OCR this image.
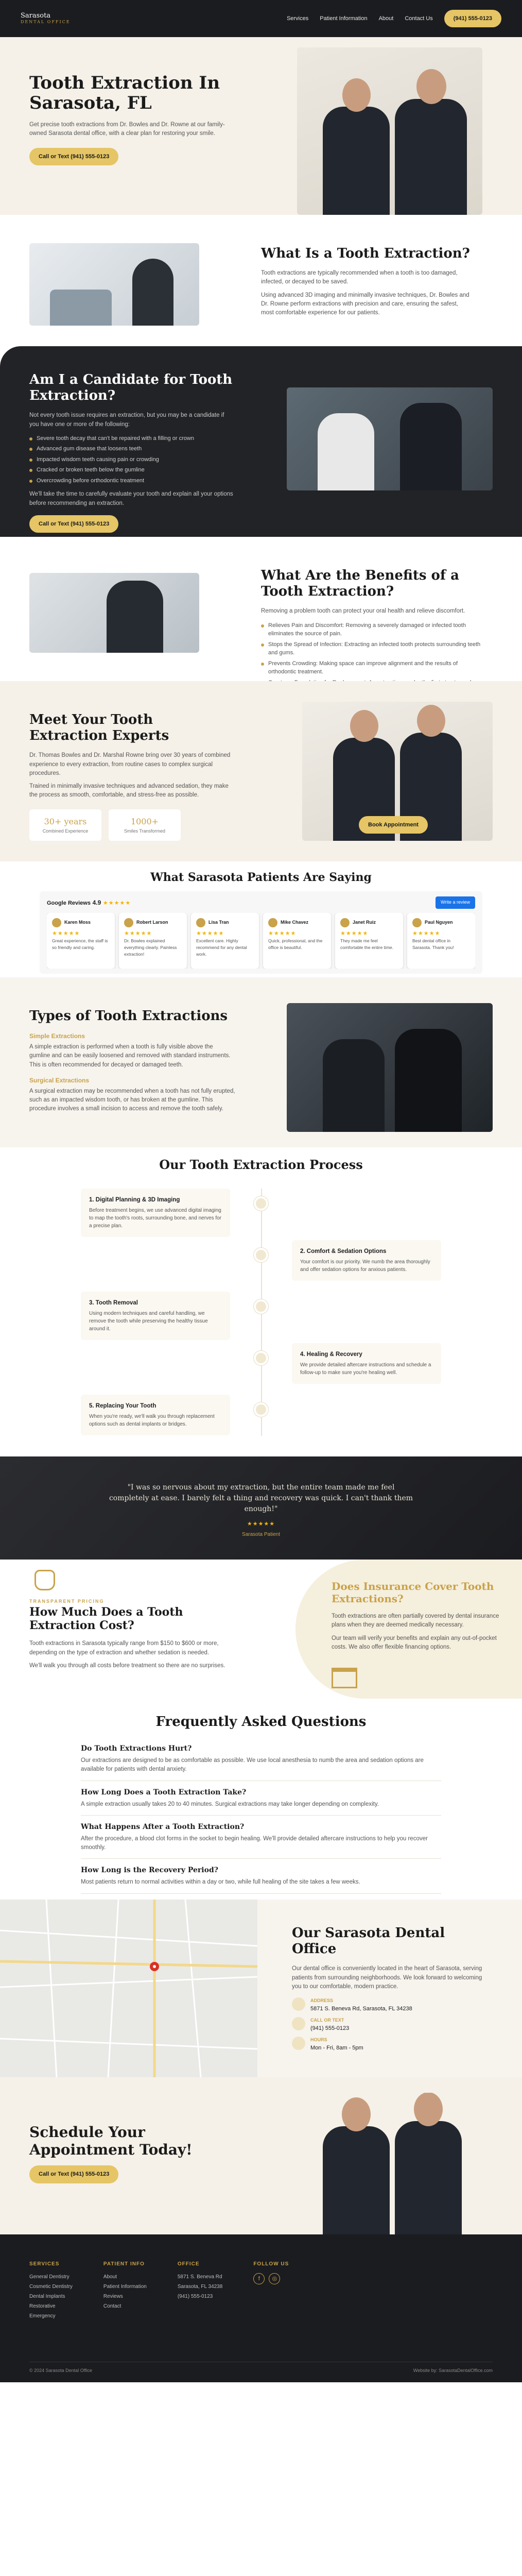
Sarasota
DENTAL OFFICE
Services Patient Information About Contact Us	(941) 555-0123
Tooth Extraction In Sarasota, FL

Get precise tooth extractions from Dr. Bowles and Dr. Rowne at our family-owned Sarasota dental office, with a clear plan for restoring your smile.

Call or Text (941) 555-0123
What Is a Tooth Extraction?

Tooth extractions are typically recommended when a tooth is too damaged, infected, or decayed to be saved.

Using advanced 3D imaging and minimally invasive techniques, Dr. Bowles and Dr. Rowne perform extractions with precision and care, ensuring the safest, most comfortable experience for our patients.

Am I a Candidate for Tooth Extraction?

Not every tooth issue requires an extraction, but you may be a candidate if you have one or more of the following:

Severe tooth decay that can't be repaired with a filling or crown
Advanced gum disease that loosens teeth
Impacted wisdom teeth causing pain or crowding
Cracked or broken teeth below the gumline
Overcrowding before orthodontic treatment

We'll take the time to carefully evaluate your tooth and explain all your options before recommending an extraction.

Call or Text (941) 555-0123
What Are the Benefits of a Tooth Extraction?

Removing a problem tooth can protect your oral health and relieve discomfort.

Relieves Pain and Discomfort: Removing a severely damaged or infected tooth eliminates the source of pain.
Stops the Spread of Infection: Extracting an infected tooth protects surrounding teeth and gums.
Prevents Crowding: Making space can improve alignment and the results of orthodontic treatment.
Meet Your Tooth Extraction Experts

Dr. Thomas Bowles and Dr. Marshal Rowne bring over 30 years of combined experience to every extraction, from routine cases to complex surgical procedures.

Trained in minimally invasive techniques and advanced sedation, they make the process as smooth, comfortable, and stress-free as possible.

30+ years
Combined Experience
1000+
Smiles Transformed
Book Appointment
What Sarasota Patients Are Saying
Google Reviews 4.9 ★★★★★	Write a review
Karen Moss
★★★★★
Great experience, the staff is so friendly and caring.
Robert Larson
★★★★★
Dr. Bowles explained everything clearly. Painless extraction!
Lisa Tran
★★★★★
Excellent care. Highly recommend for any dental work.
Mike Chavez
★★★★★
Quick, professional, and the office is beautiful.
Janet Ruiz
★★★★★
They made me feel comfortable the entire time.
Paul Nguyen
★★★★★
Best dental office in Sarasota. Thank you!
Types of Tooth Extractions
Simple Extractions

A simple extraction is performed when a tooth is fully visible above the gumline and can be easily loosened and removed with standard instruments. This is often recommended for decayed or damaged teeth.

Surgical Extractions

A surgical extraction may be recommended when a tooth has not fully erupted, such as an impacted wisdom tooth, or has broken at the gumline. This procedure involves a small incision to access and remove the tooth safely.

Our Tooth Extraction Process
1. Digital Planning & 3D Imaging

Before treatment begins, we use advanced digital imaging to map the tooth's roots, surrounding bone, and nerves for a precise plan.

2. Comfort & Sedation Options

Your comfort is our priority. We numb the area thoroughly and offer sedation options for anxious patients.

3. Tooth Removal

Using modern techniques and careful handling, we remove the tooth while preserving the healthy tissue around it.

4. Healing & Recovery

We provide detailed aftercare instructions and schedule a follow-up to make sure you're healing well.

5. Replacing Your Tooth

When you're ready, we'll walk you through replacement options such as dental implants or bridges.

"I was so nervous about my extraction, but the entire team made me feel completely at ease. I barely felt a thing and recovery was quick. I can't thank them enough!"

★★★★★
Sarasota Patient
TRANSPARENT PRICING
How Much Does a Tooth Extraction Cost?

Tooth extractions in Sarasota typically range from $150 to $600 or more, depending on the type of extraction and whether sedation is needed.

We'll walk you through all costs before treatment so there are no surprises.

Does Insurance Cover Tooth Extractions?

Tooth extractions are often partially covered by dental insurance plans when they are deemed medically necessary.

Our team will verify your benefits and explain any out-of-pocket costs. We also offer flexible financing options.

Frequently Asked Questions
Do Tooth Extractions Hurt?

Our extractions are designed to be as comfortable as possible. We use local anesthesia to numb the area and sedation options are available for patients with dental anxiety.

How Long Does a Tooth Extraction Take?

A simple extraction usually takes 20 to 40 minutes. Surgical extractions may take longer depending on complexity.

What Happens After a Tooth Extraction?

After the procedure, a blood clot forms in the socket to begin healing. We'll provide detailed aftercare instructions to help you recover smoothly.

How Long is the Recovery Period?

Most patients return to normal activities within a day or two, while full healing of the site takes a few weeks.

Our Sarasota Dental Office

Our dental office is conveniently located in the heart of Sarasota, serving patients from surrounding neighborhoods. We look forward to welcoming you to our comfortable, modern practice.

ADDRESS
5871 S. Beneva Rd, Sarasota, FL 34238
CALL OR TEXT
(941) 555-0123
HOURS
Mon - Fri, 8am - 5pm
Schedule Your Appointment Today!
Call or Text (941) 555-0123
SERVICES
General Dentistry
Cosmetic Dentistry
Dental Implants
Restorative
Emergency
PATIENT INFO
About
Patient Information
Reviews
Contact
OFFICE
5871 S. Beneva Rd
Sarasota, FL 34238
(941) 555-0123
FOLLOW US
f	◎
© 2024 Sarasota Dental Office	Website by: SarasotaDentalOffice.com
